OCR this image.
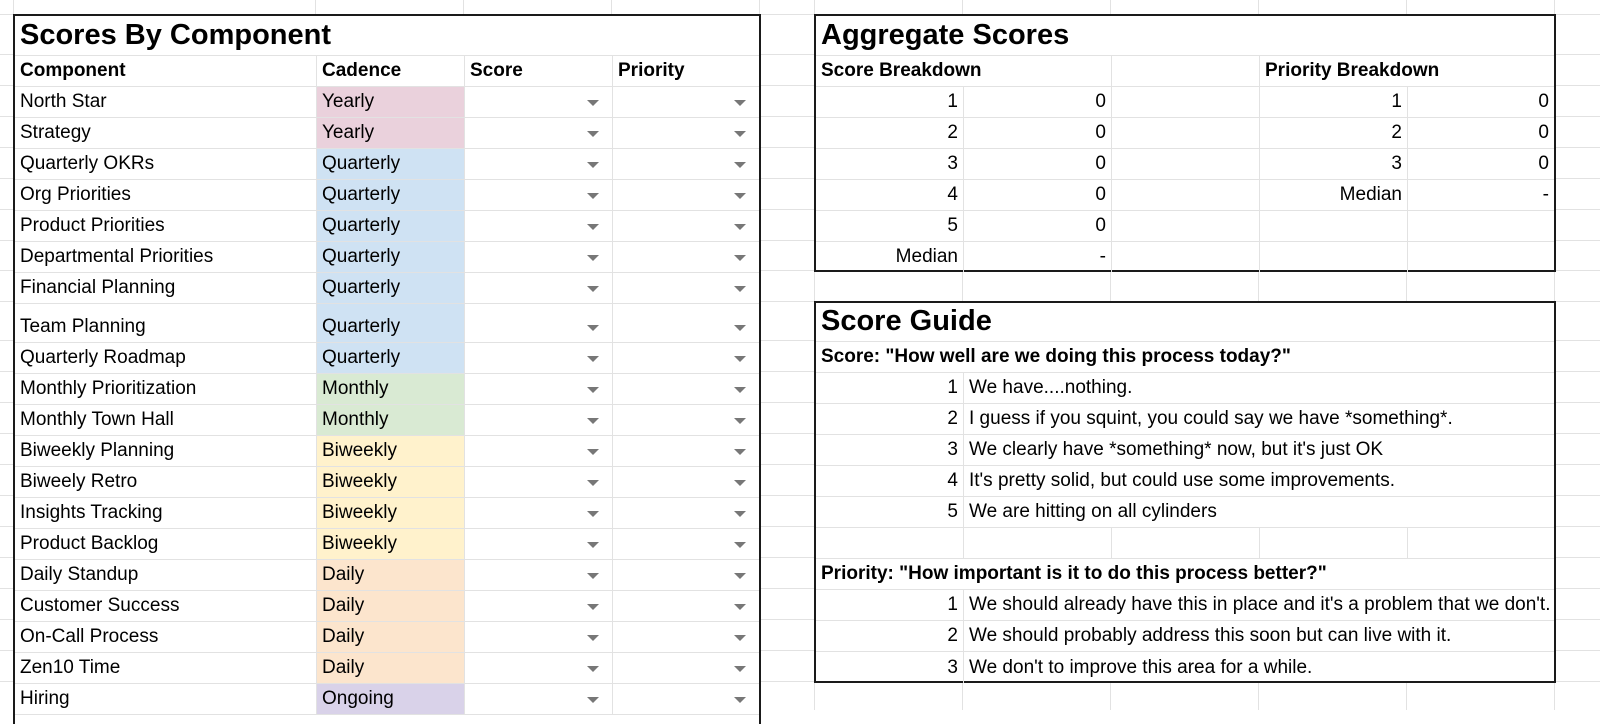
Scores By Component
Component	Cadence	Score	Priority
North Star	Yearly
Strategy	Yearly
Quarterly OKRs	Quarterly
Org Priorities	Quarterly
Product Priorities	Quarterly
Departmental Priorities	Quarterly
Financial Planning	Quarterly
Team Planning	Quarterly
Quarterly Roadmap	Quarterly
Monthly Prioritization	Monthly
Monthly Town Hall	Monthly
Biweekly Planning	Biweekly
Biweely Retro	Biweekly
Insights Tracking	Biweekly
Product Backlog	Biweekly
Daily Standup	Daily
Customer Success	Daily
On-Call Process	Daily
Zen10 Time	Daily
Hiring	Ongoing
Aggregate Scores
Score Breakdown	Priority Breakdown
1	0	1	0
2	0	2	0
3	0	3	0
4	0	Median	-
5	0
Median	-
Score Guide
Score: "How well are we doing this process today?"
1 We have....nothing.
2 I guess if you squint, you could say we have *something*.
3 We clearly have *something* now, but it's just OK
4 It's pretty solid, but could use some improvements.
5 We are hitting on all cylinders
Priority: "How important is it to do this process better?"
1 We should already have this in place and it's a problem that we don't.
2 We should probably address this soon but can live with it.
3 We don't to improve this area for a while.
